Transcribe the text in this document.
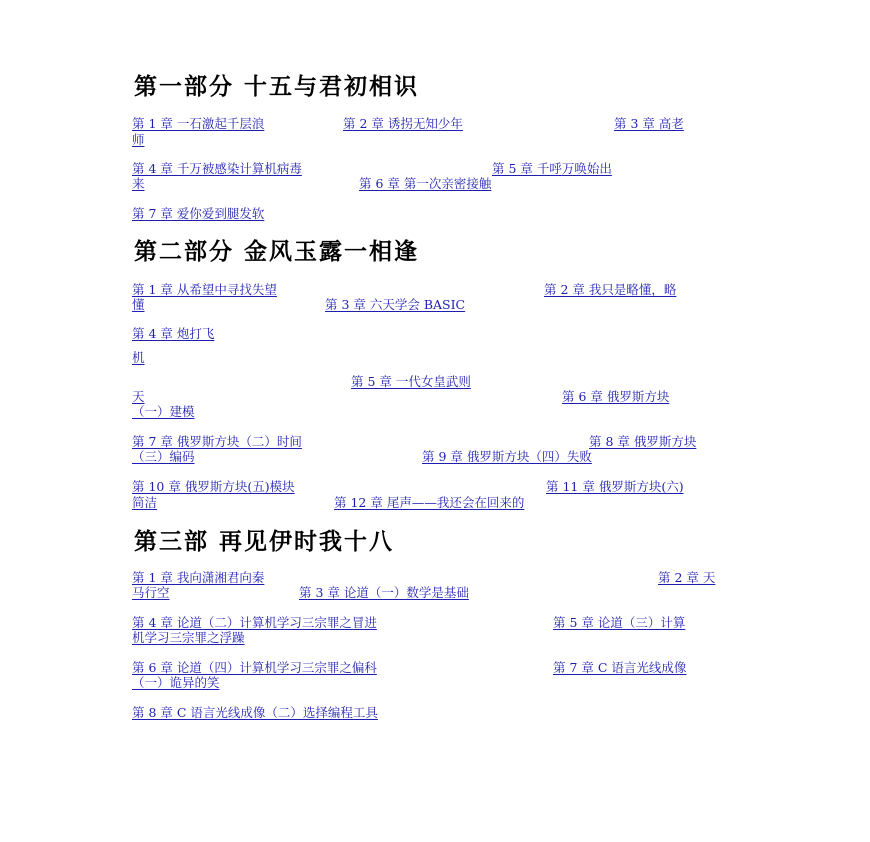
第一部分 十五与君初相识
第 1 章 一石激起千层浪	第 2 章 诱拐无知少年	第 3 章 高老
师
第 4 章 千万被感染计算机病毒	第 5 章 千呼万唤始出
来	第 6 章 第一次亲密接触
第 7 章 爱你爱到腿发软
第二部分 金风玉露一相逢
第 1 章 从希望中寻找失望	第 2 章 我只是略懂，略
懂	第 3 章 六天学会 BASIC
第 4 章 炮打飞
机
第 5 章 一代女皇武则
天	第 6 章 俄罗斯方块
（一）建模
第 7 章 俄罗斯方块（二）时间	第 8 章 俄罗斯方块
（三）编码	第 9 章 俄罗斯方块（四）失败
第 10 章 俄罗斯方块(五)模块	第 11 章 俄罗斯方块(六)
简洁	第 12 章 尾声——我还会在回来的
第三部 再见伊时我十八
第 1 章 我向潇湘君向秦	第 2 章 天
马行空	第 3 章 论道（一）数学是基础
第 4 章 论道（二）计算机学习三宗罪之冒进	第 5 章 论道（三）计算
机学习三宗罪之浮躁
第 6 章 论道（四）计算机学习三宗罪之偏科	第 7 章 C 语言光线成像
（一）诡异的笑
第 8 章 C 语言光线成像（二）选择编程工具
